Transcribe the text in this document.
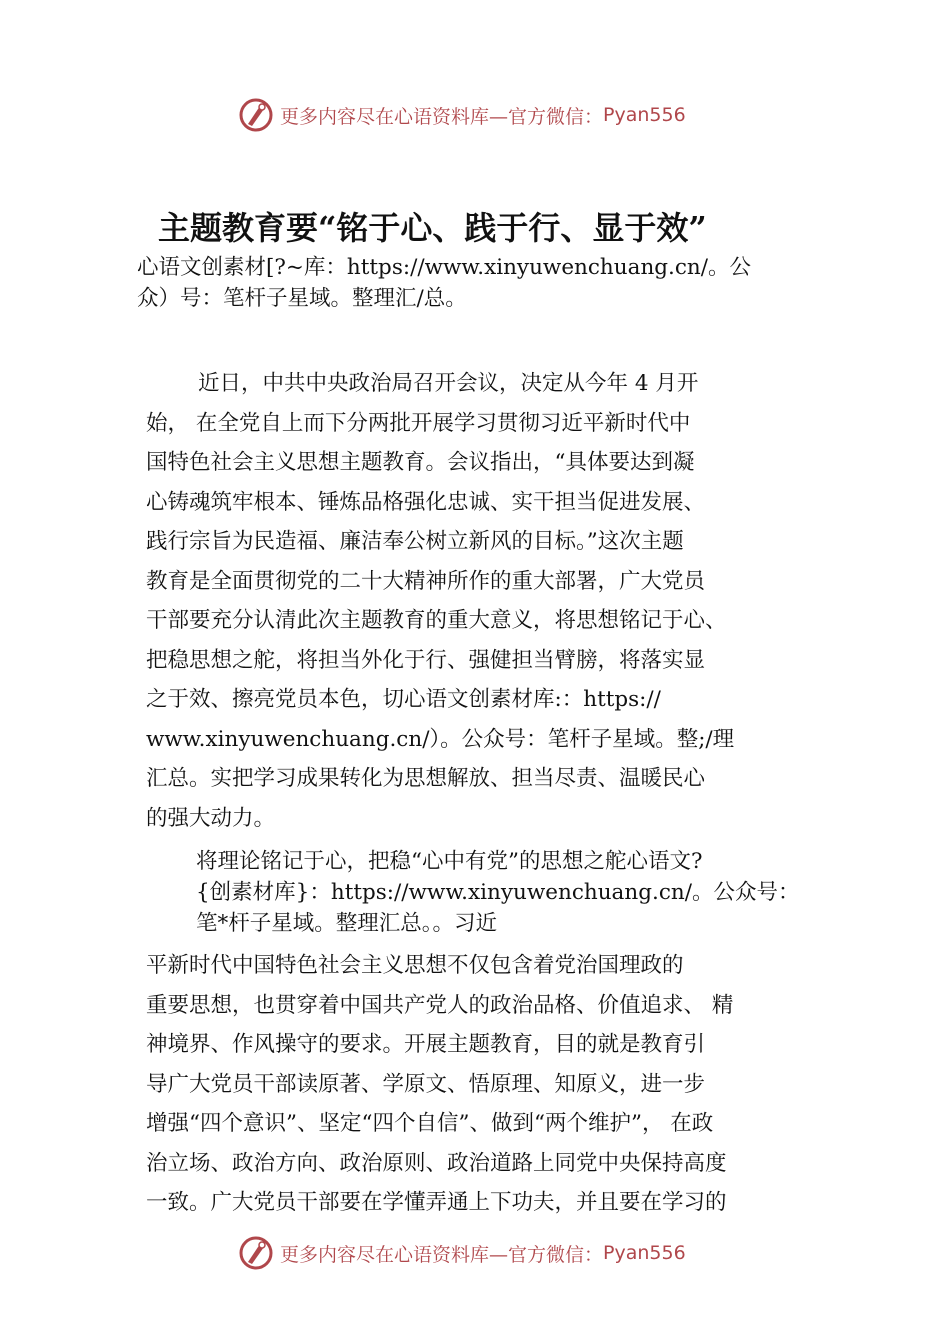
更多内容尽在心语资料库—官方微信： Pyan556
主题教育要“铭于心、践于行、显于效”
心语文创素材[?~库：https://www.xinyuwenchuang.cn/。公
众）号：笔杆子星域。整理汇/总。
近日，中共中央政治局召开会议，决定从今年 4 月开
始， 在全党自上而下分两批开展学习贯彻习近平新时代中
国特色社会主义思想主题教育。会议指出，“具体要达到凝
心铸魂筑牢根本、锤炼品格强化忠诚、实干担当促进发展、
践行宗旨为民造福、廉洁奉公树立新风的目标。”这次主题
教育是全面贯彻党的二十大精神所作的重大部署，广大党员
干部要充分认清此次主题教育的重大意义，将思想铭记于心、
把稳思想之舵，将担当外化于行、强健担当臂膀，将落实显
之于效、擦亮党员本色，切心语文创素材库:：https://
www.xinyuwenchuang.cn/）。公众号：笔杆子星域。整;/理
汇总。实把学习成果转化为思想解放、担当尽责、温暖民心
的强大动力。
将理论铭记于心，把稳“心中有党”的思想之舵心语文?
{创素材库}：https://www.xinyuwenchuang.cn/。公众号：
笔*杆子星域。整理汇总。。习近
平新时代中国特色社会主义思想不仅包含着党治国理政的
重要思想，也贯穿着中国共产党人的政治品格、价值追求、 精
神境界、作风操守的要求。开展主题教育，目的就是教育引
导广大党员干部读原著、学原文、悟原理、知原义，进一步
增强“四个意识”、坚定“四个自信”、做到“两个维护”， 在政
治立场、政治方向、政治原则、政治道路上同党中央保持高度
一致。广大党员干部要在学懂弄通上下功夫，并且要在学习的
更多内容尽在心语资料库—官方微信： Pyan556
